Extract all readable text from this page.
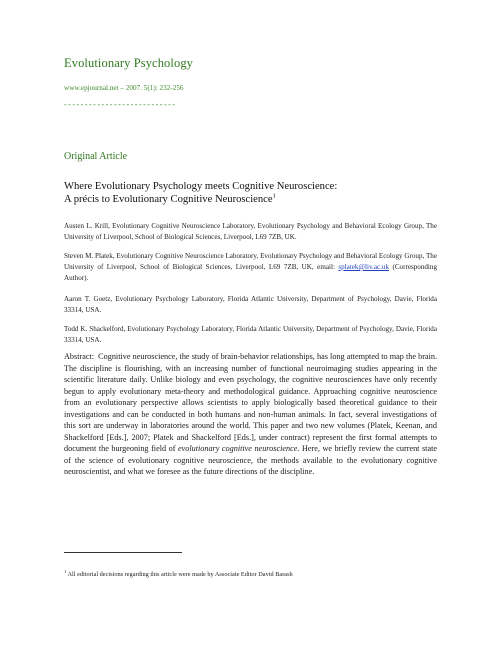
Evolutionary Psychology
www.epjournal.net – 2007. 5(1): 232-256
---------------------------
Original Article
Where Evolutionary Psychology meets Cognitive Neuroscience:
A précis to Evolutionary Cognitive Neuroscience$^1$
Austen L. Krill, Evolutionary Cognitive Neuroscience Laboratory, Evolutionary Psychology and Behavioral Ecology Group, The University of Liverpool, School of Biological Sciences, Liverpool, L69 7ZB, UK.
Steven M. Platek, Evolutionary Cognitive Neuroscience Laboratory, Evolutionary Psychology and Behavioral Ecology Group, The University of Liverpool, School of Biological Sciences, Liverpool, L69 7ZB, UK, email: splatek@liv.ac.uk (Corresponding Author).
Aaron T. Goetz, Evolutionary Psychology Laboratory, Florida Atlantic University, Department of Psychology, Davie, Florida 33314, USA.
Todd K. Shackelford, Evolutionary Psychology Laboratory, Florida Atlantic University, Department of Psychology, Davie, Florida 33314, USA.
Abstract: Cognitive neuroscience, the study of brain-behavior relationships, has long attempted to map the brain. The discipline is flourishing, with an increasing number of functional neuroimaging studies appearing in the scientific literature daily. Unlike biology and even psychology, the cognitive neurosciences have only recently begun to apply evolutionary meta-theory and methodological guidance. Approaching cognitive neuroscience from an evolutionary perspective allows scientists to apply biologically based theoretical guidance to their investigations and can be conducted in both humans and non-human animals. In fact, several investigations of this sort are underway in laboratories around the world. This paper and two new volumes (Platek, Keenan, and Shackelford [Eds.], 2007; Platek and Shackelford [Eds.], under contract) represent the first formal attempts to document the burgeoning field of evolutionary cognitive neuroscience. Here, we briefly review the current state of the science of evolutionary cognitive neuroscience, the methods available to the evolutionary cognitive neuroscientist, and what we foresee as the future directions of the discipline.
$^1$ All editorial decisions regarding this article were made by Associate Editor David Barash
